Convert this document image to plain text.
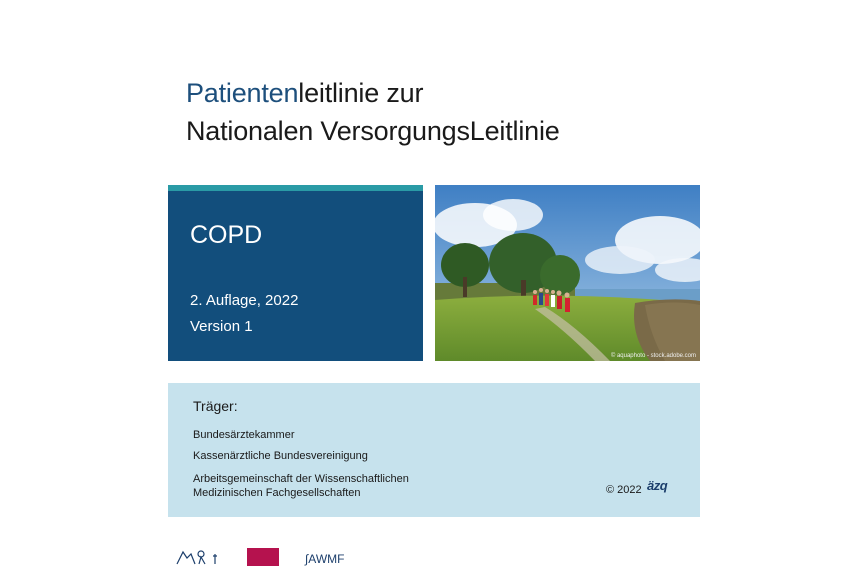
Patientenleitlinie zur
Nationalen VersorgungsLeitlinie
COPD
2. Auflage, 2022
Version 1
© aquaphoto - stock.adobe.com
Träger:
Bundesärztekammer
Kassenärztliche Bundesvereinigung
Arbeitsgemeinschaft der Wissenschaftlichen
Medizinischen Fachgesellschaften	© 2022 äzq
∫AWMF
